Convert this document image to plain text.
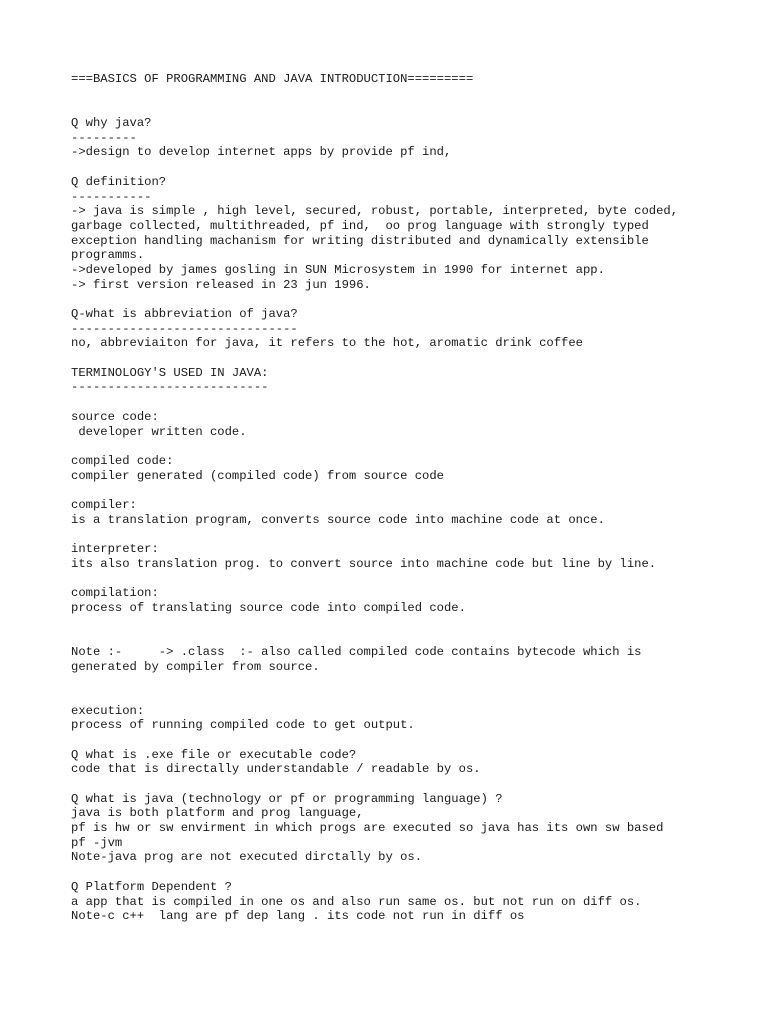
===BASICS OF PROGRAMMING AND JAVA INTRODUCTION=========
Q why java?
---------
->design to develop internet apps by provide pf ind,
Q definition?
-----------
-> java is simple , high level, secured, robust, portable, interpreted, byte coded,
garbage collected, multithreaded, pf ind,  oo prog language with strongly typed
exception handling machanism for writing distributed and dynamically extensible
programms.
->developed by james gosling in SUN Microsystem in 1990 for internet app.
-> first version released in 23 jun 1996.
Q-what is abbreviation of java?
-------------------------------
no, abbreviaiton for java, it refers to the hot, aromatic drink coffee
TERMINOLOGY'S USED IN JAVA:
---------------------------
source code:
developer written code.
compiled code:
compiler generated (compiled code) from source code
compiler:
is a translation program, converts source code into machine code at once.
interpreter:
its also translation prog. to convert source into machine code but line by line.
compilation:
process of translating source code into compiled code.
Note :-     -> .class  :- also called compiled code contains bytecode which is
generated by compiler from source.
execution:
process of running compiled code to get output.
Q what is .exe file or executable code?
code that is directally understandable / readable by os.
Q what is java (technology or pf or programming language) ?
java is both platform and prog language,
pf is hw or sw envirment in which progs are executed so java has its own sw based
pf -jvm
Note-java prog are not executed dirctally by os.
Q Platform Dependent ?
a app that is compiled in one os and also run same os. but not run on diff os.
Note-c c++  lang are pf dep lang . its code not run in diff os
